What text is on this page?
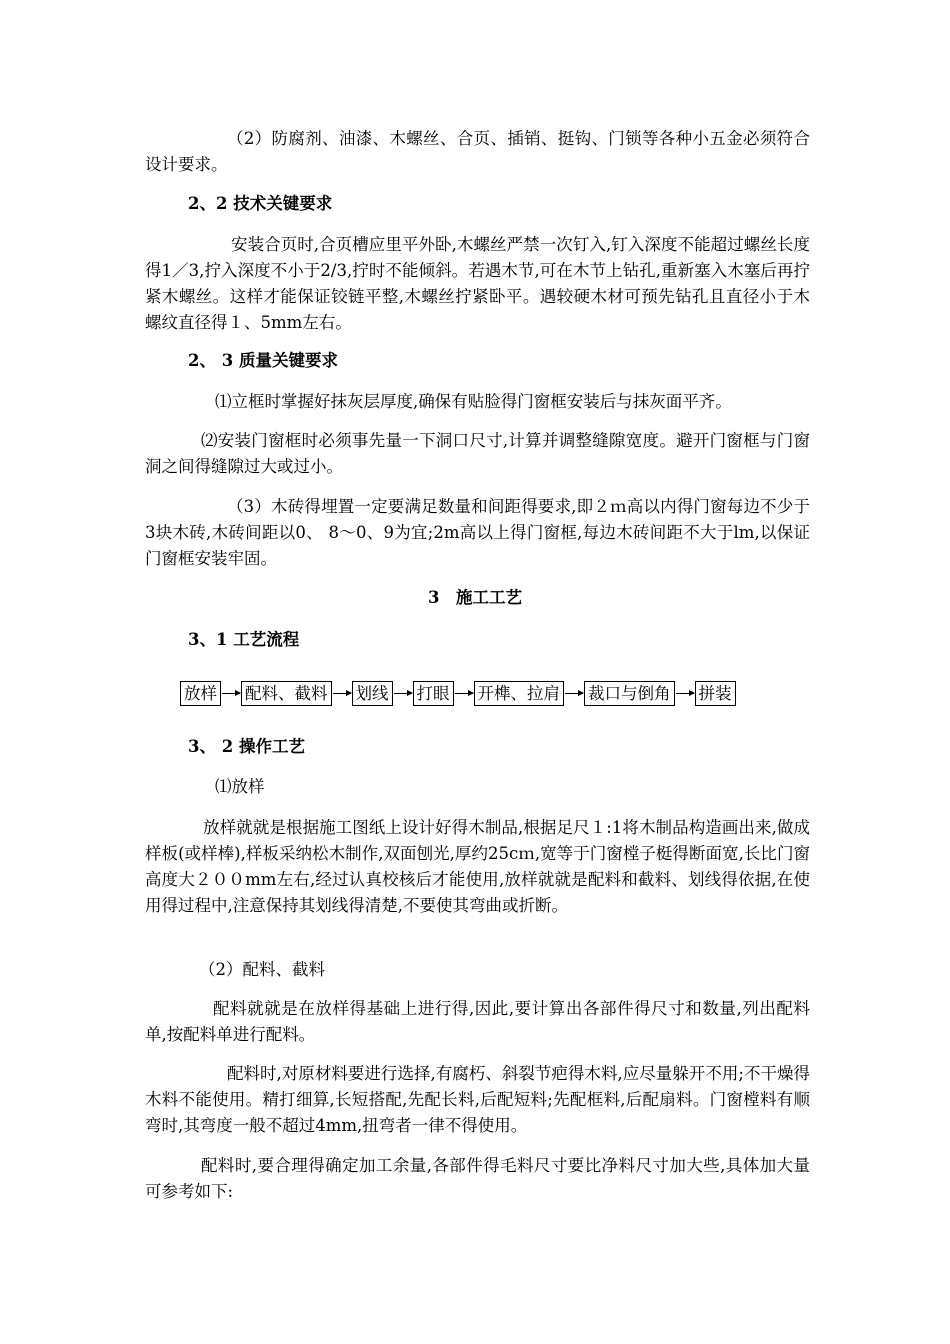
（2）防腐剂、油漆、木螺丝、合页、插销、挺钩、门锁等各种小五金必须符合设计要求。

2、2 技术关键要求

安装合页时,合页槽应里平外卧,木螺丝严禁一次钉入,钉入深度不能超过螺丝长度得1／3,拧入深度不小于2/3,拧时不能倾斜。若遇木节,可在木节上钻孔,重新塞入木塞后再拧紧木螺丝。这样才能保证铰链平整,木螺丝拧紧卧平。遇较硬木材可预先钻孔且直径小于木螺纹直径得１、5mm左右。

2、 3 质量关键要求

⑴立框时掌握好抹灰层厚度,确保有贴脸得门窗框安装后与抹灰面平齐。

⑵安装门窗框时必须事先量一下洞口尺寸,计算并调整缝隙宽度。避开门窗框与门窗洞之间得缝隙过大或过小。

（3）木砖得埋置一定要满足数量和间距得要求,即２ｍ高以内得门窗每边不少于3块木砖,木砖间距以0、 8～0、9为宜;2m高以上得门窗框,每边木砖间距不大于lm,以保证门窗框安装牢固。

3　施工工艺

3、1 工艺流程

放样 配料、截料 划线 打眼 开榫、拉肩 裁口与倒角 拼装

3、 2 操作工艺

⑴放样

放样就就是根据施工图纸上设计好得木制品,根据足尺１:1将木制品构造画出来,做成样板(或样棒),样板采纳松木制作,双面刨光,厚约25cｍ,宽等于门窗樘子梃得断面宽,长比门窗高度大２００mm左右,经过认真校核后才能使用,放样就就是配料和截料、划线得依据,在使用得过程中,注意保持其划线得清楚,不要使其弯曲或折断。

（2）配料、截料

配料就就是在放样得基础上进行得,因此,要计算出各部件得尺寸和数量,列出配料单,按配料单进行配料。

配料时,对原材料要进行选择,有腐朽、斜裂节疤得木料,应尽量躲开不用;不干燥得木料不能使用。精打细算,长短搭配,先配长料,后配短料;先配框料,后配扇料。门窗樘料有顺弯时,其弯度一般不超过4mm,扭弯者一律不得使用。

配料时,要合理得确定加工余量,各部件得毛料尺寸要比净料尺寸加大些,具体加大量可参考如下:
